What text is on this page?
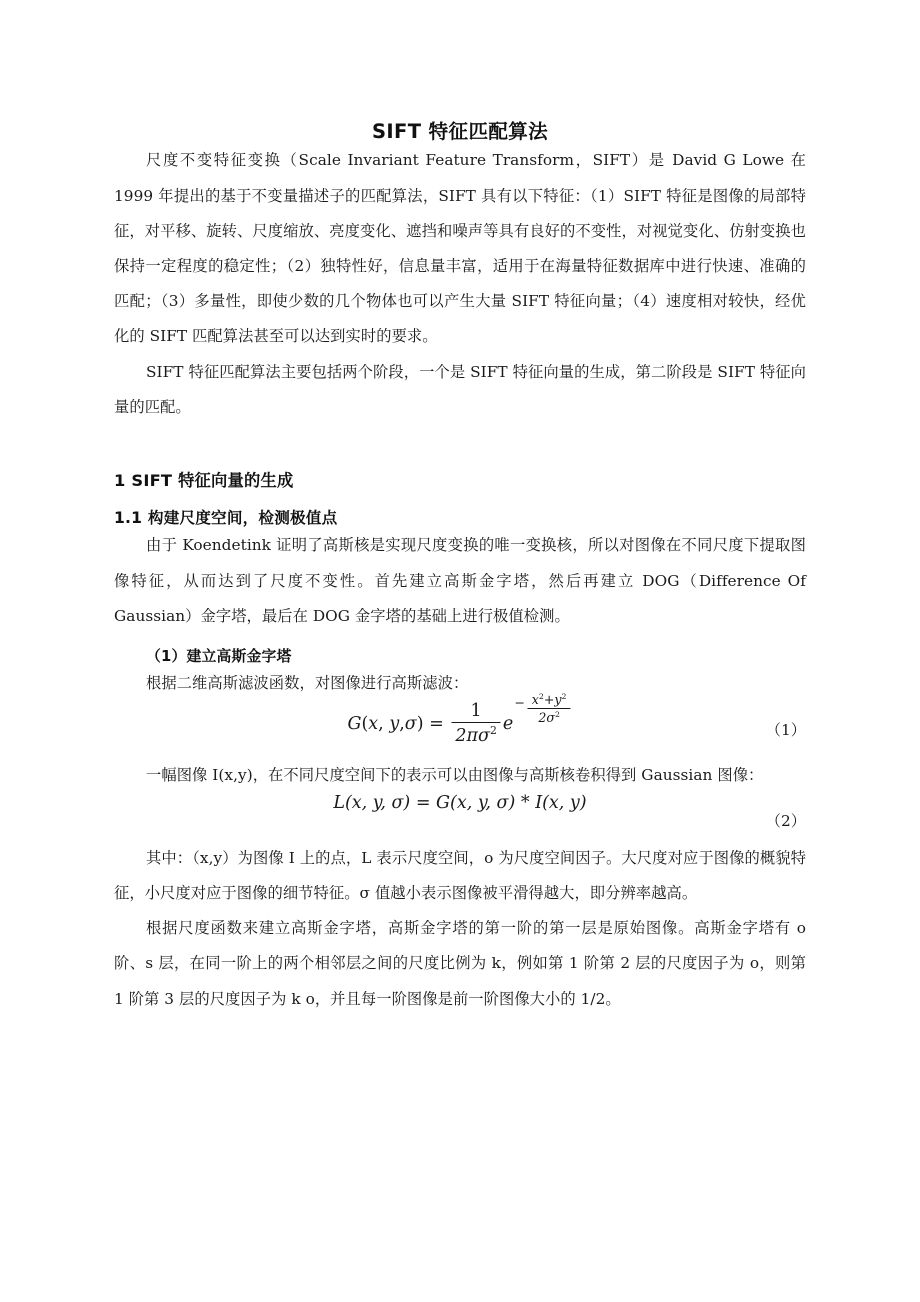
SIFT 特征匹配算法

尺度不变特征变换（Scale Invariant Feature Transform，SIFT）是 David G Lowe 在 1999 年提出的基于不变量描述子的匹配算法，SIFT 具有以下特征：（1）SIFT 特征是图像的局部特征，对平移、旋转、尺度缩放、亮度变化、遮挡和噪声等具有良好的不变性，对视觉变化、仿射变换也保持一定程度的稳定性；（2）独特性好，信息量丰富，适用于在海量特征数据库中进行快速、准确的匹配；（3）多量性，即使少数的几个物体也可以产生大量 SIFT 特征向量；（4）速度相对较快，经优化的 SIFT 匹配算法甚至可以达到实时的要求。

SIFT 特征匹配算法主要包括两个阶段，一个是 SIFT 特征向量的生成，第二阶段是 SIFT 特征向量的匹配。

1 SIFT 特征向量的生成
1.1 构建尺度空间，检测极值点

由于 Koendetink 证明了高斯核是实现尺度变换的唯一变换核，所以对图像在不同尺度下提取图像特征，从而达到了尺度不变性。首先建立高斯金字塔，然后再建立 DOG（Difference Of Gaussian）金字塔，最后在 DOG 金字塔的基础上进行极值检测。

（1）建立高斯金字塔

根据二维高斯滤波函数，对图像进行高斯滤波：

G(x, $y,\sigma) = \frac{1}{2\pi\sigma^2} e- \frac{x^2+y^2}{2\sigma^2}$
（1）

一幅图像 I(x,y)，在不同尺度空间下的表示可以由图像与高斯核卷积得到 Gaussian 图像：

L(x, y, σ) = G(x, y, σ) * I(x, y)
（2）

其中：（x,y）为图像 I 上的点，L 表示尺度空间，ο 为尺度空间因子。大尺度对应于图像的概貌特征，小尺度对应于图像的细节特征。σ 值越小表示图像被平滑得越大，即分辨率越高。

根据尺度函数来建立高斯金字塔，高斯金字塔的第一阶的第一层是原始图像。高斯金字塔有 o 阶、s 层，在同一阶上的两个相邻层之间的尺度比例为 k，例如第 1 阶第 2 层的尺度因子为 ο，则第 1 阶第 3 层的尺度因子为 k ο，并且每一阶图像是前一阶图像大小的 1/2。
